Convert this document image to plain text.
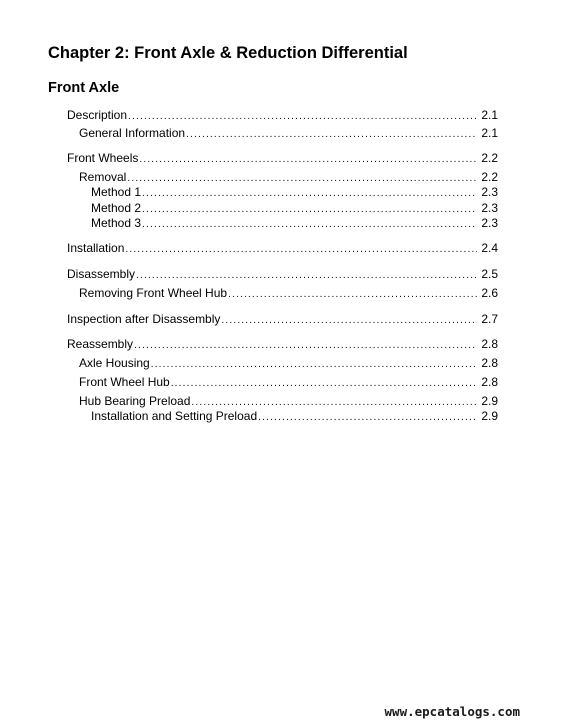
Chapter 2: Front Axle & Reduction Differential
Front Axle
Description .....	2.1
General Information .....	2.1
Front Wheels .....	2.2
Removal .....	2.2
Method 1 .....	2.3
Method 2 .....	2.3
Method 3 .....	2.3
Installation .....	2.4
Disassembly .....	2.5
Removing Front Wheel Hub .....	2.6
Inspection after Disassembly .....	2.7
Reassembly .....	2.8
Axle Housing .....	2.8
Front Wheel Hub .....	2.8
Hub Bearing Preload .....	2.9
Installation and Setting Preload .....	2.9
www.epcatalogs.com
